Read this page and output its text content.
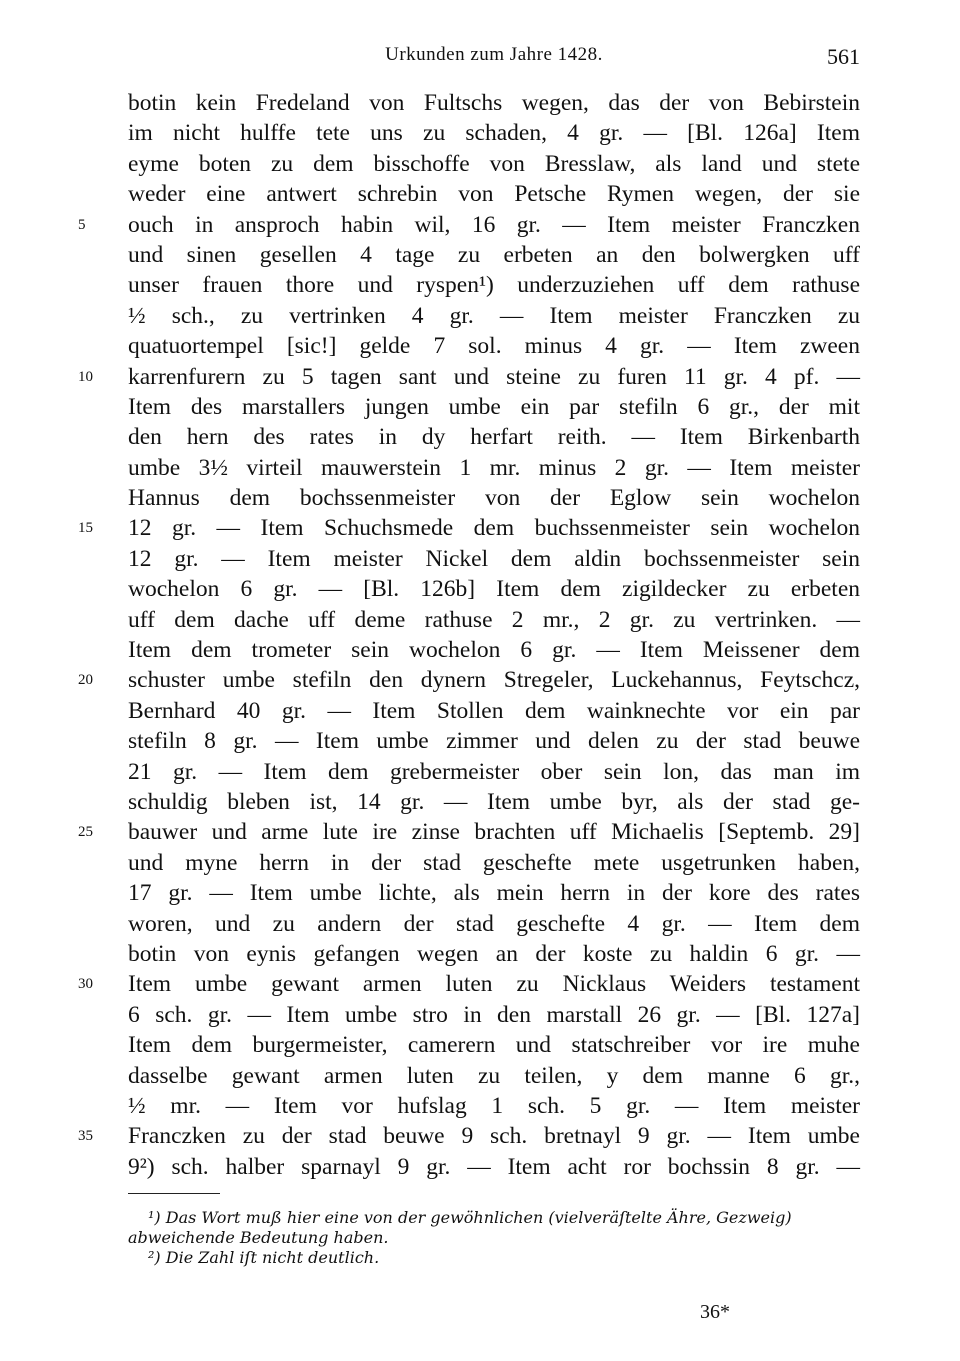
Urkunden zum Jahre 1428.	561
botin kein Fredeland von Fultschs wegen, das der von Bebirstein
im nicht hulffe tete uns zu schaden, 4 gr. — [Bl. 126a] Item
eyme boten zu dem bisschoffe von Bresslaw, als land und stete
weder eine antwert schrebin von Petsche Rymen wegen, der sie
ouch in ansproch habin wil, 16 gr. — Item meister Franczken
5
und sinen gesellen 4 tage zu erbeten an den bolwergken uff
unser frauen thore und ryspen¹) underzuziehen uff dem rathuse
½ sch., zu vertrinken 4 gr. — Item meister Franczken zu
quatuortempel [sic!] gelde 7 sol. minus 4 gr. — Item zween
karrenfurern zu 5 tagen sant und steine zu furen 11 gr. 4 pf. —
10
Item des marstallers jungen umbe ein par stefiln 6 gr., der mit
den hern des rates in dy herfart reith. — Item Birkenbarth
umbe 3½ virteil mauwerstein 1 mr. minus 2 gr. — Item meister
Hannus dem bochssenmeister von der Eglow sein wochelon
12 gr. — Item Schuchsmede dem buchssenmeister sein wochelon
15
12 gr. — Item meister Nickel dem aldin bochssenmeister sein
wochelon 6 gr. — [Bl. 126b] Item dem zigildecker zu erbeten
uff dem dache uff deme rathuse 2 mr., 2 gr. zu vertrinken. —
Item dem trometer sein wochelon 6 gr. — Item Meissener dem
schuster umbe stefiln den dynern Stregeler, Luckehannus, Feytschcz,
20
Bernhard 40 gr. — Item Stollen dem wainknechte vor ein par
stefiln 8 gr. — Item umbe zimmer und delen zu der stad beuwe
21 gr. — Item dem grebermeister ober sein lon, das man im
schuldig bleben ist, 14 gr. — Item umbe byr, als der stad ge-
bauwer und arme lute ire zinse brachten uff Michaelis [Septemb. 29]
25
und myne herrn in der stad geschefte mete usgetrunken haben,
17 gr. — Item umbe lichte, als mein herrn in der kore des rates
woren, und zu andern der stad geschefte 4 gr. — Item dem
botin von eynis gefangen wegen an der koste zu haldin 6 gr. —
Item umbe gewant armen luten zu Nicklaus Weiders testament
30
6 sch. gr. — Item umbe stro in den marstall 26 gr. — [Bl. 127a]
Item dem burgermeister, camerern und statschreiber vor ire muhe
dasselbe gewant armen luten zu teilen, y dem manne 6 gr.,
½ mr. — Item vor hufslag 1 sch. 5 gr. — Item meister
Franczken zu der stad beuwe 9 sch. bretnayl 9 gr. — Item umbe
35
9²) sch. halber sparnayl 9 gr. — Item acht ror bochssin 8 gr. —
¹) Das Wort muß hier eine von der gewöhnlichen (vielveräſtelte Ähre, Gezweig)
abweichende Bedeutung haben.
²) Die Zahl iſt nicht deutlich.
36*
